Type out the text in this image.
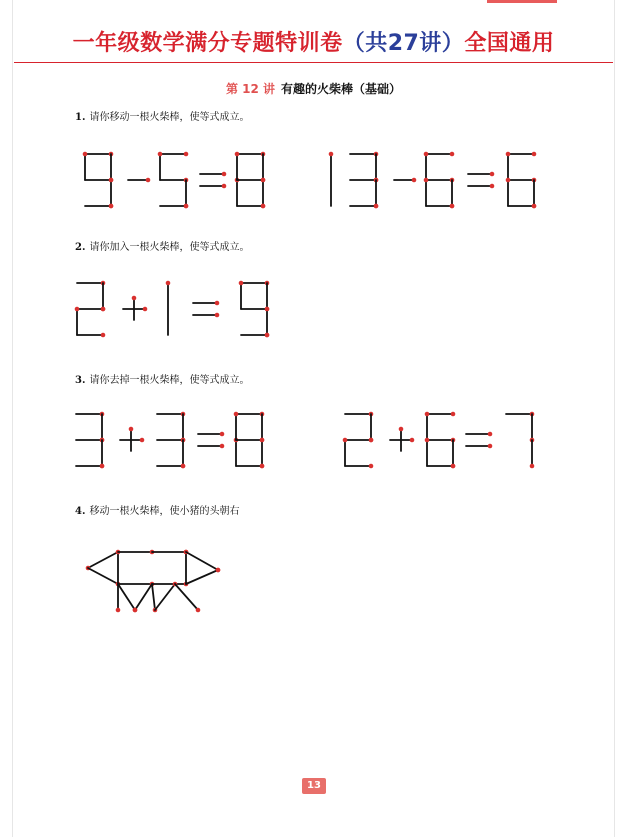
一年级数学满分专题特训卷（共27讲）全国通用
第 12 讲 有趣的火柴棒（基础）
1. 请你移动一根火柴棒，使等式成立。
2. 请你加入一根火柴棒，使等式成立。
3. 请你去掉一根火柴棒，使等式成立。
4. 移动一根火柴棒，使小猪的头朝右
13
